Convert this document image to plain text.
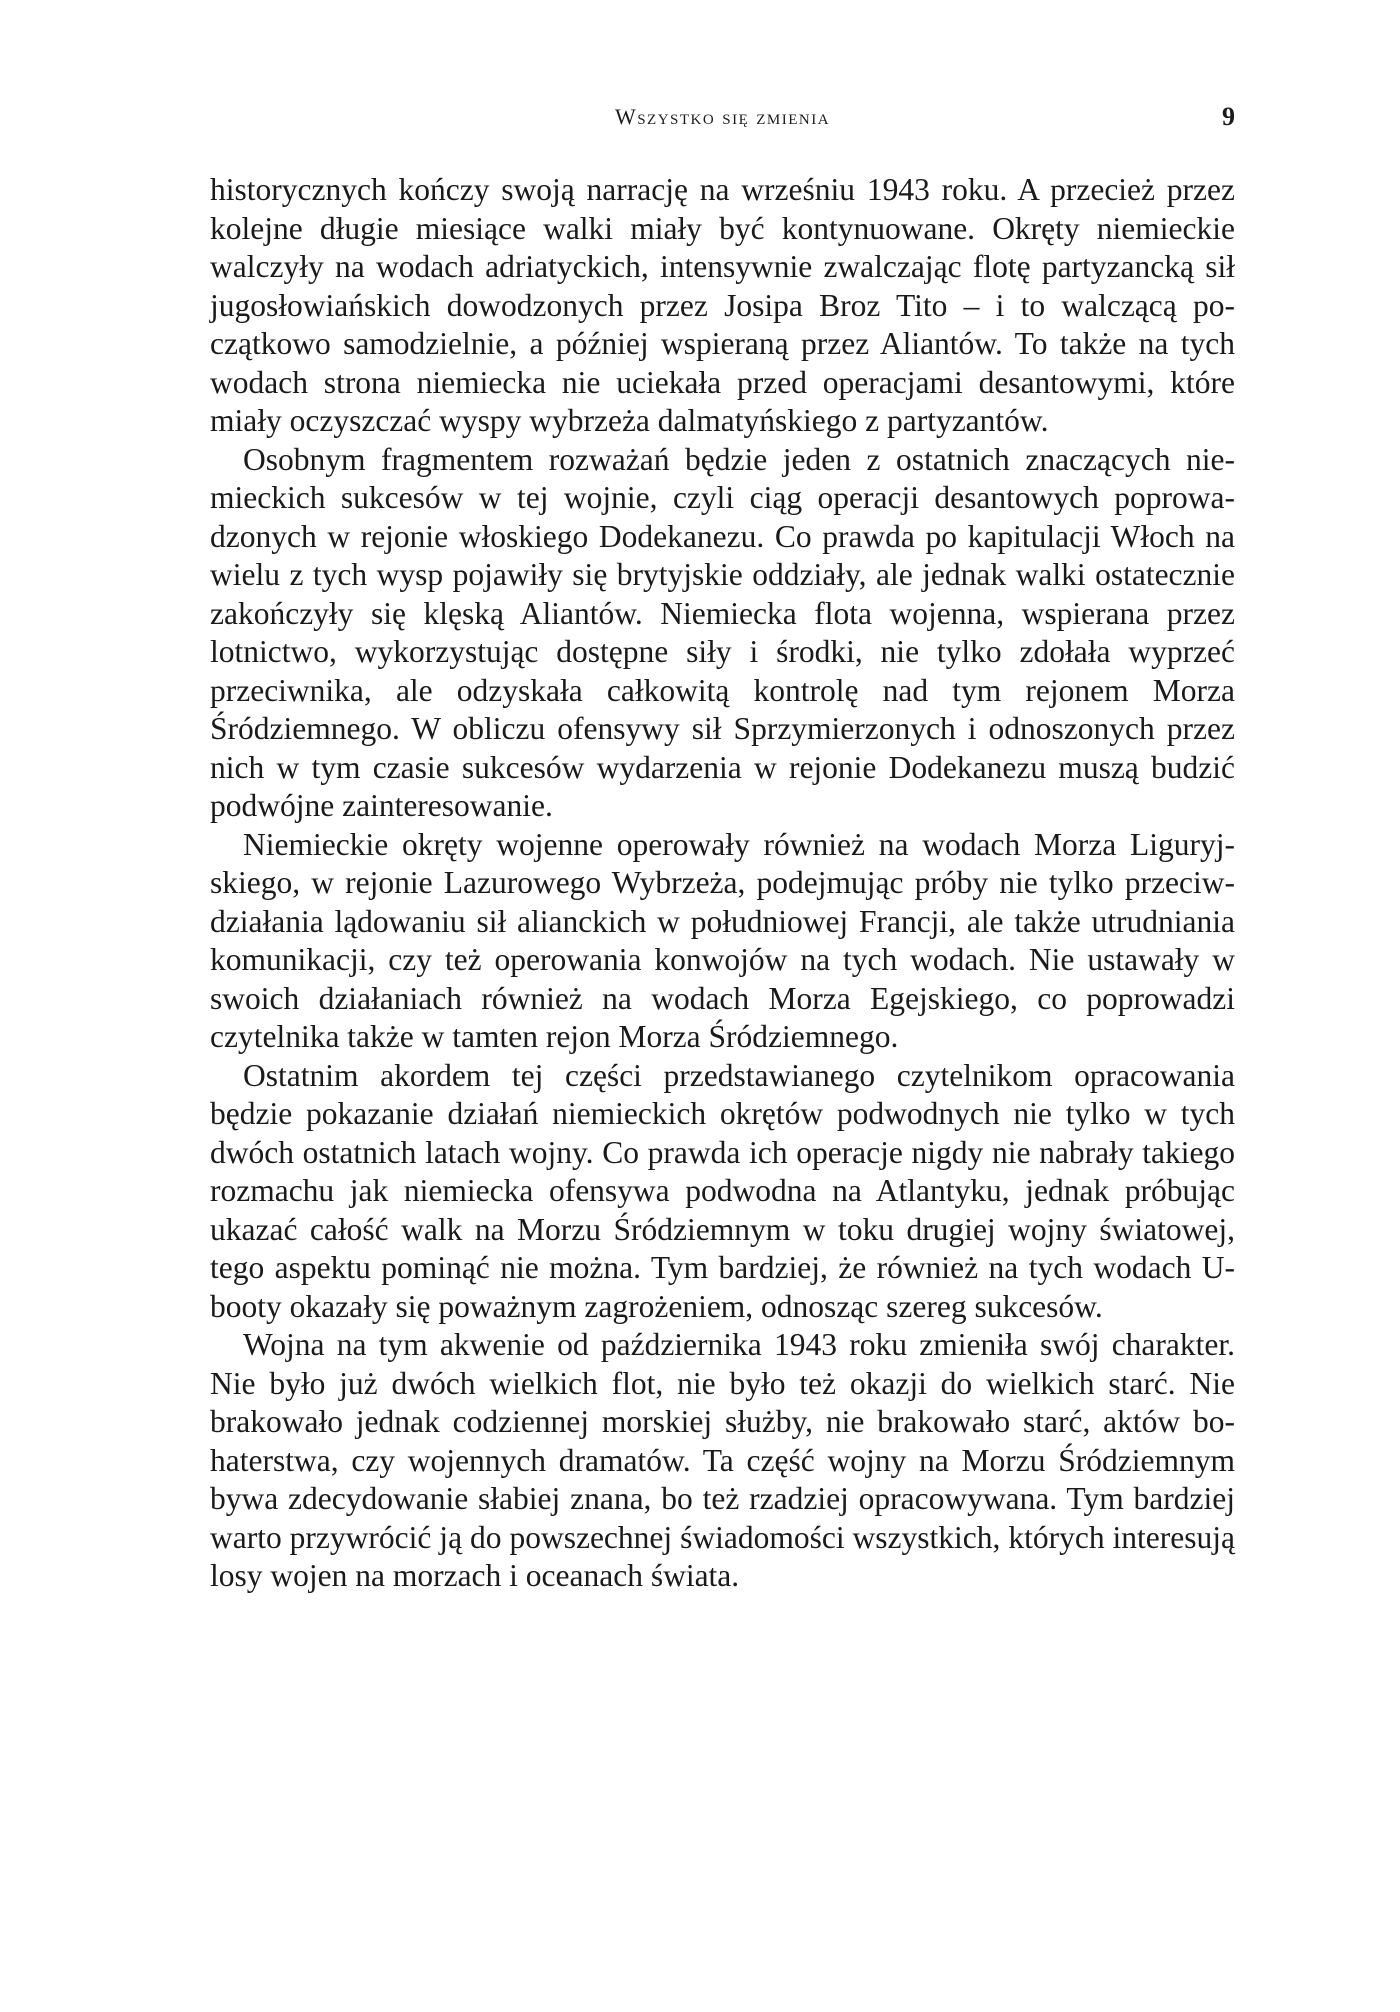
Wszystko się zmienia	9

historycznych kończy swoją narrację na wrześniu 1943 roku. A przecież przez kolejne długie miesiące walki miały być kontynuowane. Okręty niemieckie walczyły na wodach adriatyckich, intensywnie zwalczając flotę partyzancką sił jugosłowiańskich dowodzonych przez Josipa Broz Tito – i to walczącą początkowo samodzielnie, a później wspieraną przez Aliantów. To także na tych wodach strona niemiecka nie uciekała przed operacjami desantowymi, które miały oczyszczać wyspy wybrzeża dalmatyńskiego z partyzantów.

Osobnym fragmentem rozważań będzie jeden z ostatnich znaczących niemieckich sukcesów w tej wojnie, czyli ciąg operacji desantowych poprowadzonych w rejonie włoskiego Dodekanezu. Co prawda po kapitulacji Włoch na wielu z tych wysp pojawiły się brytyjskie oddziały, ale jednak walki ostatecznie zakończyły się klęską Aliantów. Niemiecka flota wojenna, wspierana przez lotnictwo, wykorzystując dostępne siły i środki, nie tylko zdołała wyprzeć przeciwnika, ale odzyskała całkowitą kontrolę nad tym rejonem Morza Śródziemnego. W obliczu ofensywy sił Sprzymierzonych i odnoszonych przez nich w tym czasie sukcesów wydarzenia w rejonie Dodekanezu muszą budzić podwójne zainteresowanie.

Niemieckie okręty wojenne operowały również na wodach Morza Liguryjskiego, w rejonie Lazurowego Wybrzeża, podejmując próby nie tylko przeciwdziałania lądowaniu sił alianckich w południowej Francji, ale także utrudniania komunikacji, czy też operowania konwojów na tych wodach. Nie ustawały w swoich działaniach również na wodach Morza Egejskiego, co poprowadzi czytelnika także w tamten rejon Morza Śródziemnego.

Ostatnim akordem tej części przedstawianego czytelnikom opracowania będzie pokazanie działań niemieckich okrętów podwodnych nie tylko w tych dwóch ostatnich latach wojny. Co prawda ich operacje nigdy nie nabrały takiego rozmachu jak niemiecka ofensywa podwodna na Atlantyku, jednak próbując ukazać całość walk na Morzu Śródziemnym w toku drugiej wojny światowej, tego aspektu pominąć nie można. Tym bardziej, że również na tych wodach U-booty okazały się poważnym zagrożeniem, odnosząc szereg sukcesów.

Wojna na tym akwenie od października 1943 roku zmieniła swój charakter. Nie było już dwóch wielkich flot, nie było też okazji do wielkich starć. Nie brakowało jednak codziennej morskiej służby, nie brakowało starć, aktów bohaterstwa, czy wojennych dramatów. Ta część wojny na Morzu Śródziemnym bywa zdecydowanie słabiej znana, bo też rzadziej opracowywana. Tym bardziej warto przywrócić ją do powszechnej świadomości wszystkich, których interesują losy wojen na morzach i oceanach świata.
